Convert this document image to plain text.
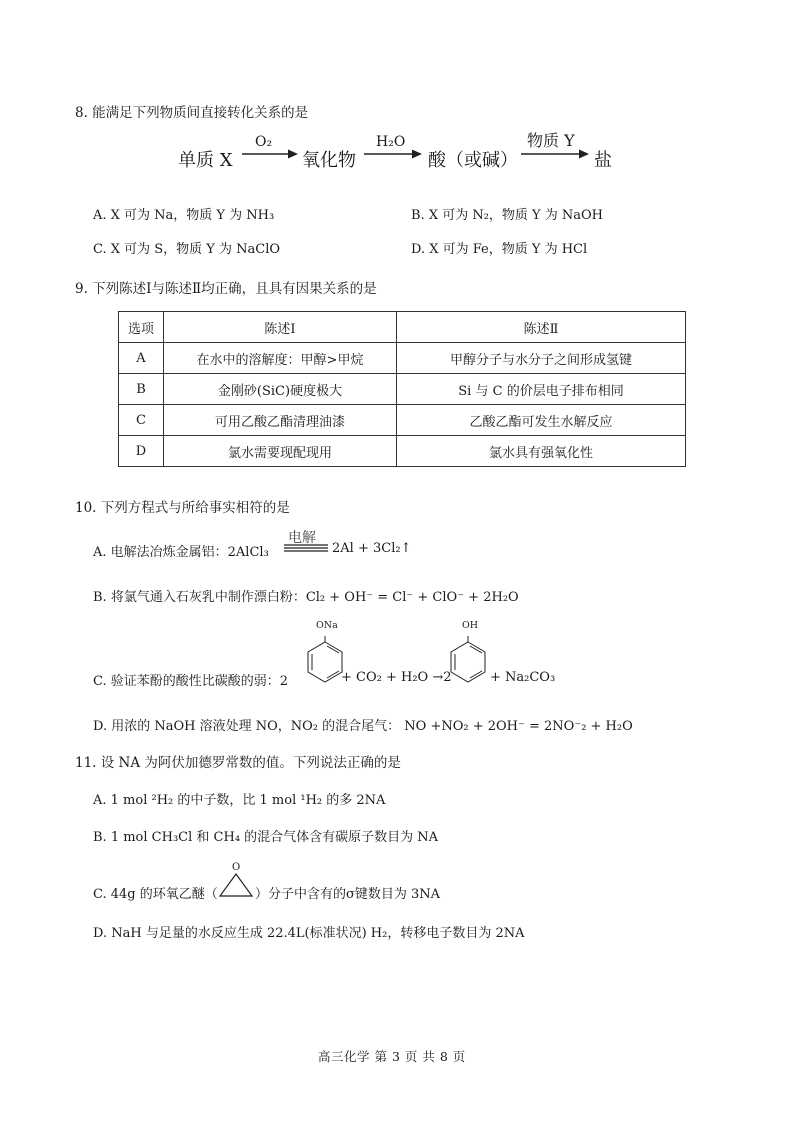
8. 能满足下列物质间直接转化关系的是
单质 X
O₂
氧化物
H₂O
酸（或碱）
物质 Y
盐
A. X 可为 Na，物质 Y 为 NH₃	B. X 可为 N₂，物质 Y 为 NaOH
C. X 可为 S，物质 Y 为 NaClO	D. X 可为 Fe，物质 Y 为 HCl
9. 下列陈述Ⅰ与陈述Ⅱ均正确，且具有因果关系的是
选项	陈述Ⅰ	陈述Ⅱ
A	在水中的溶解度：甲醇>甲烷	甲醇分子与水分子之间形成氢键
B	金刚砂(SiC)硬度极大	Si 与 C 的价层电子排布相同
C	可用乙酸乙酯清理油漆	乙酸乙酯可发生水解反应
D	氯水需要现配现用	氯水具有强氧化性
10. 下列方程式与所给事实相符的是
A. 电解法冶炼金属铝：2AlCl₃
电解
2Al + 3Cl₂↑
B. 将氯气通入石灰乳中制作漂白粉：Cl₂ + OH⁻ = Cl⁻ + ClO⁻ + 2H₂O
C. 验证苯酚的酸性比碳酸的弱：2
ONa
+ CO₂ + H₂O →2
OH
+ Na₂CO₃
D. 用浓的 NaOH 溶液处理 NO，NO₂ 的混合尾气： NO +NO₂ + 2OH⁻ = 2NO⁻₂ + H₂O
11. 设 NA 为阿伏加德罗常数的值。下列说法正确的是
A. 1 mol ²H₂ 的中子数，比 1 mol ¹H₂ 的多 2NA
B. 1 mol CH₃Cl 和 CH₄ 的混合气体含有碳原子数目为 NA
C. 44g 的环氧乙醚（
O
）分子中含有的σ键数目为 3NA
D. NaH 与足量的水反应生成 22.4L(标准状况) H₂，转移电子数目为 2NA
高三化学 第 3 页 共 8 页
